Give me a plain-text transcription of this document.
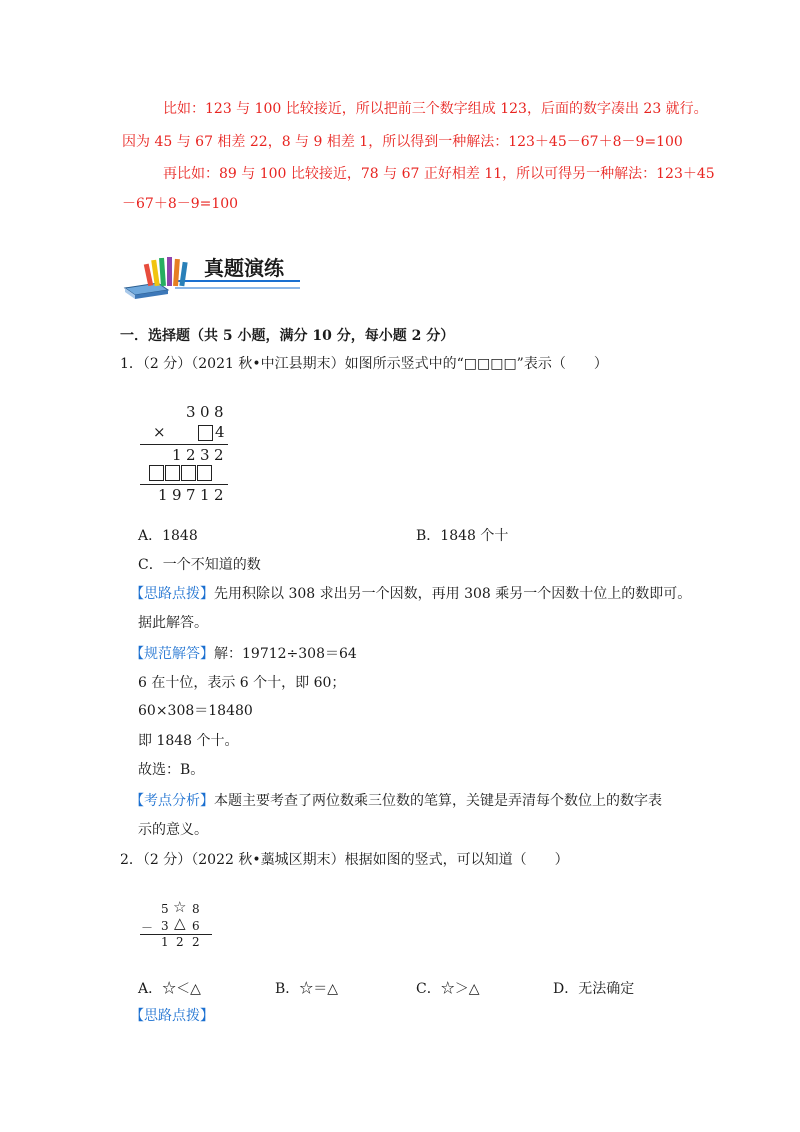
比如：123 与 100 比较接近，所以把前三个数字组成 123，后面的数字凑出 23 就行。
因为 45 与 67 相差 22，8 与 9 相差 1，所以得到一种解法：123＋45－67＋8－9=100
再比如：89 与 100 比较接近，78 与 67 正好相差 11，所以可得另一种解法：123＋45
－67＋8－9=100
真题演练
一．选择题（共 5 小题，满分 10 分，每小题 2 分）
1．（2 分）（2021 秋•中江县期末）如图所示竖式中的“□□□□”表示（　　）
3 0 8
×	4
1 2 3 2
1 9 7 1 2
A．1848	B．1848 个十
C．一个不知道的数
【思路点拨】先用积除以 308 求出另一个因数，再用 308 乘另一个因数十位上的数即可。
据此解答。
【规范解答】解：19712÷308＝64
6 在十位，表示 6 个十，即 60；
60×308＝18480
即 1848 个十。
故选：B。
【考点分析】本题主要考查了两位数乘三位数的笔算，关键是弄清每个数位上的数字表
示的意义。
2．（2 分）（2022 秋•藁城区期末）根据如图的竖式，可以知道（　　）
5 ☆ 8
－ 3 △ 6
1 2 2
A．☆＜△	B．☆＝△	C．☆＞△	D．无法确定
【思路点拨】
